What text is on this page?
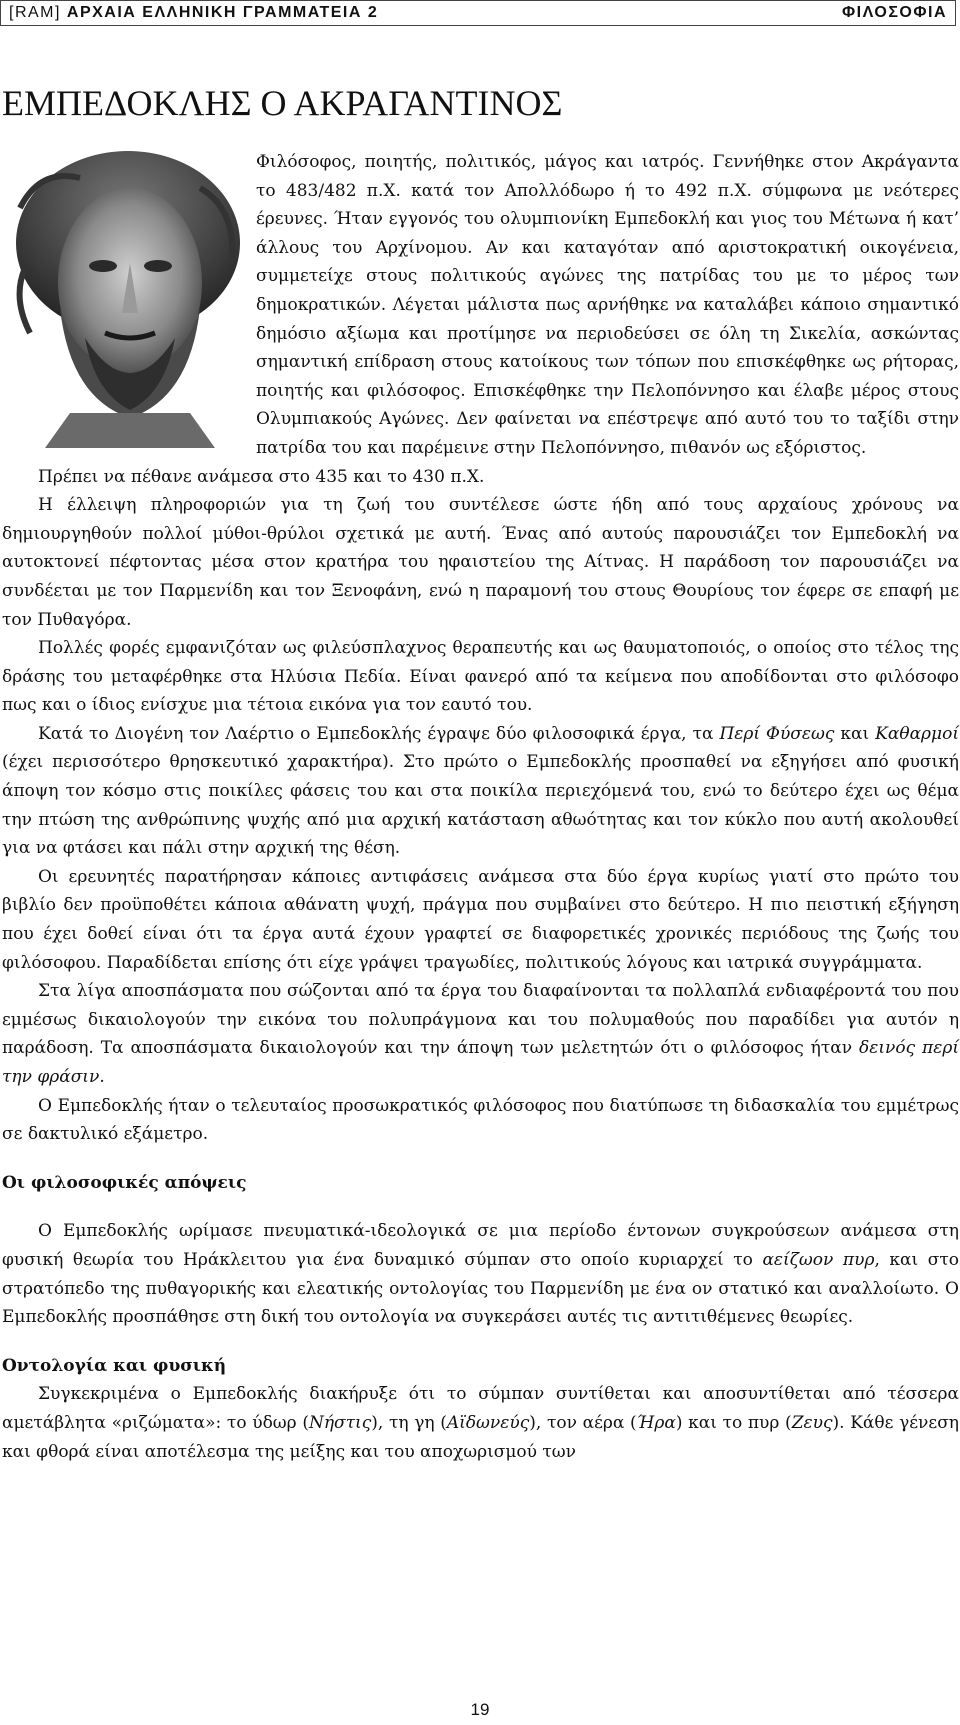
[RAM] ΑΡΧΑΙΑ ΕΛΛΗΝΙΚΗ ΓΡΑΜΜΑΤΕΙΑ 2	ΦΙΛΟΣΟΦΙΑ
ΕΜΠΕΔΟΚΛΗΣ Ο ΑΚΡΑΓΑΝΤΙΝΟΣ

Φιλόσοφος, ποιητής, πολιτικός, μάγος και ιατρός. Γεννήθηκε στον Ακράγαντα το 483/482 π.Χ. κατά τον Απολλόδωρο ή το 492 π.Χ. σύμφωνα με νεότερες έρευνες. Ήταν εγγονός του ολυμπιονίκη Εμπεδοκλή και γιος του Μέτωνα ή κατ’ άλλους του Αρχίνομου. Αν και καταγόταν από αριστοκρατική οικογένεια, συμμετείχε στους πολιτικούς αγώνες της πατρίδας του με το μέρος των δημοκρατικών. Λέγεται μάλιστα πως αρνήθηκε να καταλάβει κάποιο σημαντικό δημόσιο αξίωμα και προτίμησε να περιοδεύσει σε όλη τη Σικελία, ασκώντας σημαντική επίδραση στους κατοίκους των τόπων που επισκέφθηκε ως ρήτορας, ποιητής και φιλόσοφος. Επισκέφθηκε την Πελοπόννησο και έλαβε μέρος στους Ολυμπιακούς Αγώνες. Δεν φαίνεται να επέστρεψε από αυτό του το ταξίδι στην πατρίδα του και παρέμεινε στην Πελοπόννησο, πιθανόν ως εξόριστος.

Πρέπει να πέθανε ανάμεσα στο 435 και το 430 π.Χ.

Η έλλειψη πληροφοριών για τη ζωή του συντέλεσε ώστε ήδη από τους αρχαίους χρόνους να δημιουργηθούν πολλοί μύθοι-θρύλοι σχετικά με αυτή. Ένας από αυτούς παρουσιάζει τον Εμπεδοκλή να αυτοκτονεί πέφτοντας μέσα στον κρατήρα του ηφαιστείου της Αίτνας. Η παράδοση τον παρουσιάζει να συνδέεται με τον Παρμενίδη και τον Ξενοφάνη, ενώ η παραμονή του στους Θουρίους τον έφερε σε επαφή με τον Πυθαγόρα.

Πολλές φορές εμφανιζόταν ως φιλεύσπλαχνος θεραπευτής και ως θαυματοποιός, ο οποίος στο τέλος της δράσης του μεταφέρθηκε στα Ηλύσια Πεδία. Είναι φανερό από τα κείμενα που αποδίδονται στο φιλόσοφο πως και ο ίδιος ενίσχυε μια τέτοια εικόνα για τον εαυτό του.

Κατά το Διογένη τον Λαέρτιο ο Εμπεδοκλής έγραψε δύο φιλοσοφικά έργα, τα Περί Φύσεως και Καθαρμοί (έχει περισσότερο θρησκευτικό χαρακτήρα). Στο πρώτο ο Εμπεδοκλής προσπαθεί να εξηγήσει από φυσική άποψη τον κόσμο στις ποικίλες φάσεις του και στα ποικίλα περιεχόμενά του, ενώ το δεύτερο έχει ως θέμα την πτώση της ανθρώπινης ψυχής από μια αρχική κατάσταση αθωότητας και τον κύκλο που αυτή ακολουθεί για να φτάσει και πάλι στην αρχική της θέση.

Οι ερευνητές παρατήρησαν κάποιες αντιφάσεις ανάμεσα στα δύο έργα κυρίως γιατί στο πρώτο του βιβλίο δεν προϋποθέτει κάποια αθάνατη ψυχή, πράγμα που συμβαίνει στο δεύτερο. Η πιο πειστική εξήγηση που έχει δοθεί είναι ότι τα έργα αυτά έχουν γραφτεί σε διαφορετικές χρονικές περιόδους της ζωής του φιλόσοφου. Παραδίδεται επίσης ότι είχε γράψει τραγωδίες, πολιτικούς λόγους και ιατρικά συγγράμματα.

Στα λίγα αποσπάσματα που σώζονται από τα έργα του διαφαίνονται τα πολλαπλά ενδιαφέροντά του που εμμέσως δικαιολογούν την εικόνα του πολυπράγμονα και του πολυμαθούς που παραδίδει για αυτόν η παράδοση. Τα αποσπάσματα δικαιολογούν και την άποψη των μελετητών ότι ο φιλόσοφος ήταν δεινός περί την φράσιν.

Ο Εμπεδοκλής ήταν ο τελευταίος προσωκρατικός φιλόσοφος που διατύπωσε τη διδασκαλία του εμμέτρως σε δακτυλικό εξάμετρο.

Οι φιλοσοφικές απόψεις

Ο Εμπεδοκλής ωρίμασε πνευματικά-ιδεολογικά σε μια περίοδο έντονων συγκρούσεων ανάμεσα στη φυσική θεωρία του Ηράκλειτου για ένα δυναμικό σύμπαν στο οποίο κυριαρχεί το αείζωον πυρ, και στο στρατόπεδο της πυθαγορικής και ελεατικής οντολογίας του Παρμενίδη με ένα ον στατικό και αναλλοίωτο. Ο Εμπεδοκλής προσπάθησε στη δική του οντολογία να συγκεράσει αυτές τις αντιτιθέμενες θεωρίες.

Οντολογία και φυσική

Συγκεκριμένα ο Εμπεδοκλής διακήρυξε ότι το σύμπαν συντίθεται και αποσυντίθεται από τέσσερα αμετάβλητα «ριζώματα»: το ύδωρ (Νήστις), τη γη (Αϊδωνεύς), τον αέρα (Ήρα) και το πυρ (Ζευς). Κάθε γένεση και φθορά είναι αποτέλεσμα της μείξης και του αποχωρισμού των

19
